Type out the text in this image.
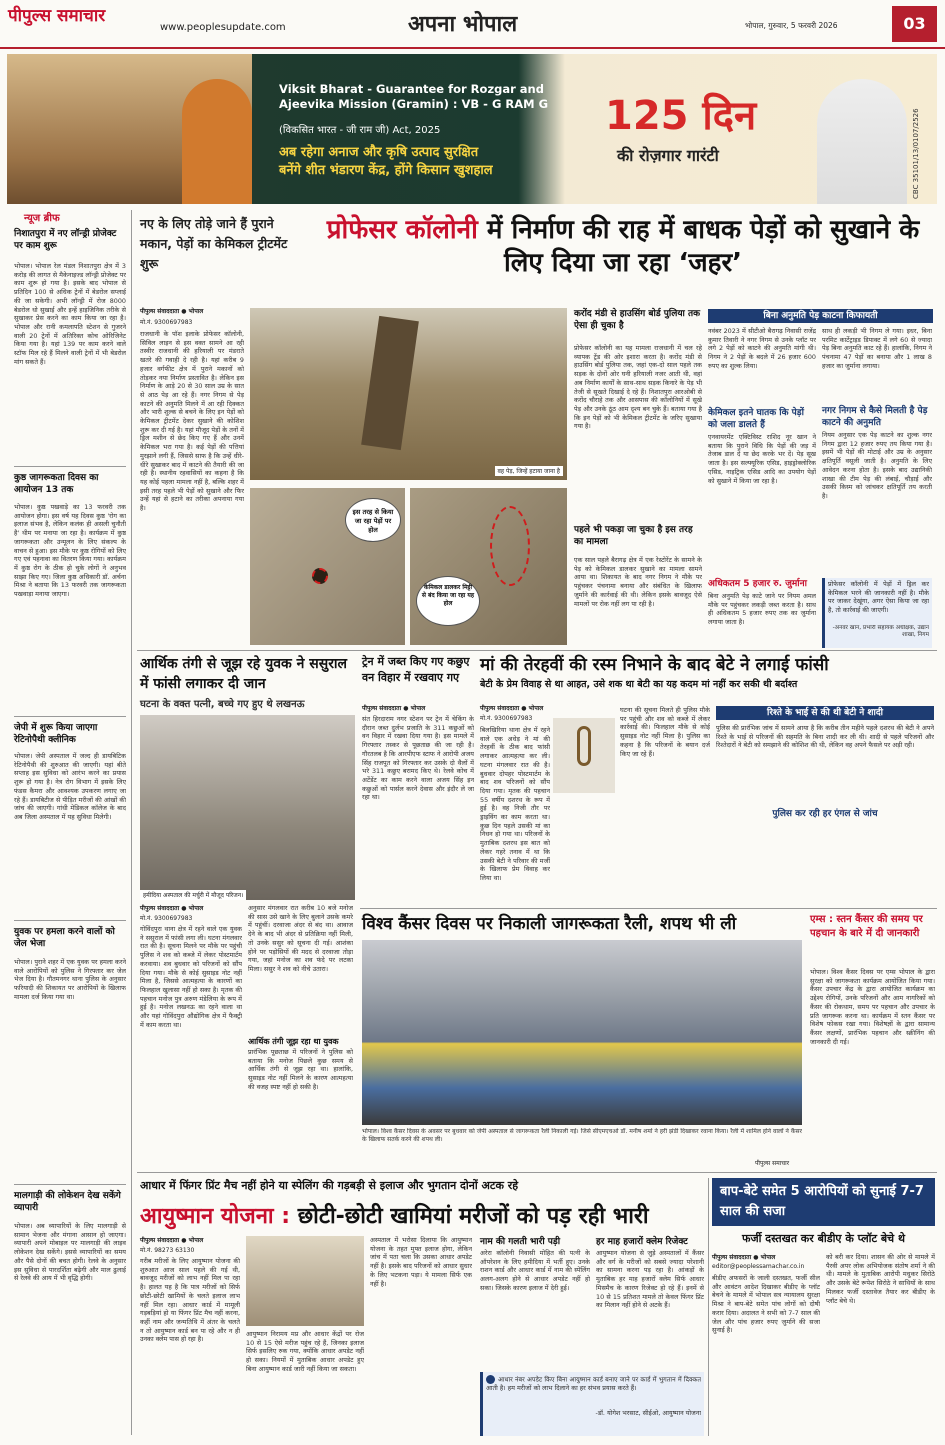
पीपुल्स समाचार
www.peoplesupdate.com	अपना भोपाल	भोपाल, गुरुवार, 5 फरवरी 2026	03
Viksit Bharat - Guarantee for Rozgar and Ajeevika Mission (Gramin) : VB - G RAM G
(विकसित भारत - जी राम जी) Act, 2025
अब रहेगा अनाज और कृषि उत्पाद सुरक्षित
बनेंगे शीत भंडारण केंद्र, होंगे किसान खुशहाल
125 दिन
की रोज़गार गारंटी	CBC 35101/13/0107/2526
न्यूज ब्रीफ
निशातपुरा में नए लॉन्ड्री प्रोजेक्ट पर काम शुरू
भोपाल। भोपाल रेल मंडल निशातपुरा क्षेत्र में 3 करोड़ की लागत से मैकेनाइज्ड लॉन्ड्री प्रोजेक्ट पर काम शुरू हो गया है। इसके बाद भोपाल से प्रतिदिन 100 से अधिक ट्रेनों में बेडरोल सप्लाई की जा सकेगी। अभी लॉन्ड्री में रोज 8000 बेडरोल धो सुखाई और इन्हें हाइजिनिक तरीके से सुखाकर प्रेस करने का काम किया जा रहा है। भोपाल और रानी कमलापति स्टेशन से गुजरने वाली 20 ट्रेनों में अतिरिक्त कोच ओरिजिनेट किया गया है। यहां 139 पर काम करने वाले स्टॉफ मिल रहे हैं मिलने वाली ट्रेनों में भी बेडरोल मांग सकते हैं।
कुष्ठ जागरूकता दिवस का आयोजन 13 तक
भोपाल। कुष्ठ पखवाड़े का 13 फरवरी तक आयोजन होगा। इस वर्ष यह दिवस कुष्ठ 'रोग का इलाज संभव है, लेकिन कलंक ही असली चुनौती है' थीम पर मनाया जा रहा है। कार्यक्रम में कुष्ठ जागरूकता और उन्मूलन के लिए संकल्प के वाचन से हुआ। इस मौके पर कुष्ठ रोगियों को लिए गए एवं पहनावा का वितरण किया गया। कार्यक्रम में कुष्ठ रोग के ठीक हो चुके लोगों ने अनुभव साझा किए गए। जिला कुष्ठ अधिकारी डॉ. अर्चना मिश्रा ने बताया कि 13 फरवरी तक जागरूकता पखवाड़ा मनाया जाएगा।
जेपी में शुरू किया जाएगा रेटिनोपैथी क्लीनिक
भोपाल। जेपी अस्पताल में जल्द ही डायबिटिक रेटिनोपैथी की शुरुआत की जाएगी। यहां बीते सप्ताह इस सुविधा को आरंभ करने का प्रयास शुरू हो गया है। नेत्र रोग विभाग में इसके लिए फंडस कैमरा और आवश्यक उपकरण लगाए जा रहे हैं। डायबिटीज से पीड़ित मरीजों की आंखों की जांच की जाएगी। गांधी मेडिकल कॉलेज के बाद अब जिला अस्पताल में यह सुविधा मिलेगी।
युवक पर हमला करने वालों को जेल भेजा
भोपाल। पुराने शहर में एक युवक पर हमला करने वाले आरोपियों को पुलिस ने गिरफ्तार कर जेल भेज दिया है। गौतमनगर थाना पुलिस के अनुसार फरियादी की शिकायत पर आरोपियों के खिलाफ मामला दर्ज किया गया था।
मालगाड़ी की लोकेशन देख सकेंगे व्यापारी
भोपाल। अब व्यापारियों के लिए मालगाड़ी से सामान भेजना और मंगाना आसान हो जाएगा। व्यापारी अपने मोबाइल पर मालगाड़ी की लाइव लोकेशन देख सकेंगे। इससे व्यापारियों का समय और पैसे दोनों की बचत होगी। रेलवे के अनुसार इस सुविधा से पारदर्शिता बढ़ेगी और माल ढुलाई से रेलवे की आय में भी वृद्धि होगी।
नए के लिए तोड़े जाने हैं पुराने मकान, पेड़ों का केमिकल ट्रीटमेंट शुरू
प्रोफेसर कॉलोनी में निर्माण की राह में बाधक पेड़ों को सुखाने के लिए दिया जा रहा ‘जहर’
पीपुल्स संवाददाता ● भोपाल
मो.नं. 9300697983
राजधानी के पॉश इलाके प्रोफेसर कॉलोनी, सिविल लाइन से इस वक्त सामने आ रही तस्वीर राजधानी की हरियाली पर मंडराते खतरे की गवाही दे रही है। यहां करीब 9 हजार वर्गफीट क्षेत्र में पुराने मकानों को तोड़कर नया निर्माण प्रस्तावित है। लेकिन इस निर्माण के आड़े 20 से 30 साल उम्र के सात से आठ पेड़ आ रहे हैं। नगर निगम से पेड़ काटने की अनुमति मिलने में आ रही दिक्कत और भारी शुल्क से बचने के लिए इन पेड़ों को केमिकल ट्रीटमेंट देकर सुखाने की कोशिश शुरू कर दी गई है। यहां मौजूद पेड़ों के तनों में ड्रिल मशीन से छेद किए गए हैं और उनमें केमिकल भरा गया है। कई पेड़ों की पत्तियां मुरझाने लगी हैं, जिससे साफ है कि उन्हें धीरे-धीरे सुखाकर बाद में काटने की तैयारी की जा रही है। स्थानीय रहवासियों का कहना है कि यह कोई पहला मामला नहीं है, बल्कि शहर में इसी तरह पहले भी पेड़ों को सुखाने और फिर उन्हें यहां से हटाने का तरीका अपनाया गया है।
वह पेड़, जिन्हें हटाया जाना है
इस तरह से किया जा रहा पेड़ों पर होल
केमिकल डालकर मिट्टी से बंद किया जा रहा यह होल
करोंद मंडी से हाउसिंग बोर्ड पुलिया तक ऐसा ही चुका है
प्रोफेसर कॉलोनी का यह मामला राजधानी में चल रहे व्यापक ट्रेंड की ओर इशारा करता है। करोंद मंडी से हाउसिंग बोर्ड पुलिया तक, जहां एक-दो साल पहले तक सड़क के दोनों ओर घनी हरियाली नजर आती थी, वहां अब निर्माण कार्यों के साथ-साथ सड़क किनारे के पेड़ भी तेजी से सूखते दिखाई दे रहे हैं। निशातपुरा आरओबी से करोंद चौराहे तक और आसपास की कॉलोनियों में सूखे पेड़ और उनके ठूंठ आम दृश्य बन चुके हैं। बताया गया है कि इन पेड़ों को भी केमिकल ट्रीटमेंट के जरिए सुखाया गया है।
पहले भी पकड़ा जा चुका है इस तरह का मामला
एक साल पहले बैरागढ़ क्षेत्र में एक रेस्टोरेंट के सामने के पेड़ को केमिकल डालकर सुखाने का मामला सामने आया था। शिकायत के बाद नगर निगम ने मौके पर पहुंचकर पंचनामा बनाया और संबंधित के खिलाफ जुर्माने की कार्रवाई की थी। लेकिन इसके बावजूद ऐसे मामलों पर रोक नहीं लग पा रही है।
बिना अनुमति पेड़ काटना किफायती
नवंबर 2023 में सीटीओ बैरागढ़ निवासी राजेंद्र कुमार तिवारी ने नगर निगम से उनके प्लॉट पर लगे 2 पेड़ों को काटने की अनुमति मांगी थी। निगम ने 2 पेड़ों के बदले में 26 हजार 600 रुपए का शुल्क लिया।
केमिकल इतने घातक कि पेड़ों को जला डालते हैं
एनवायरमेंट एक्टिविस्ट राशिद नूर खान ने बताया कि पुराने विधि कि पेड़ों की जड़ में तेजाब डाल दें या छेद करके भर दें। पेड़ सूख जाता है। इस सल्फ्यूरिक एसिड, हाइड्रोक्लोरिक एसिड, नाइट्रिक एसिड आदि का उपयोग पेड़ों को सुखाने में किया जा रहा है।
साथ ही लकड़ी भी निगम ले गया। इधर, बिना परमिट कार्टेट्राइड डिपाक्ट में लगे 60 से ज्यादा पेड़ बिना अनुमति काट रहे हैं। हालांकि, निगम ने पंचनामा 47 पेड़ों का बनाया और 1 लाख 8 हजार का जुर्माना लगाया।
नगर निगम से कैसे मिलती है पेड़ काटने की अनुमति
नियम अनुसार एक पेड़ काटने का शुल्क नगर निगम द्वारा 12 हजार रुपए तय किया गया है। इसमें भी पेड़ों की मोटाई और उम्र के अनुसार क्षतिपूर्ति वसूली जाती है। अनुमति के लिए आवेदन करना होता है। इसके बाद उद्यानिकी शाखा की टीम पेड़ की लंबाई, चौड़ाई और उसकी किस्म को जांचकर क्षतिपूर्ति तय करती है।
अधिकतम 5 हजार रु. जुर्माना
बिना अनुमति पेड़ काटे जाने पर नियम अमल मौके पर पहुंचकर लकड़ी जब्त करता है। साथ ही अधिकतम 5 हजार रुपए तक का जुर्माना लगाया जाता है।
प्रोफेसर कॉलोनी में पेड़ों में ड्रिल कर केमिकल भरने की जानकारी नहीं है। मौके पर जाकर देखूंगा, अगर ऐसा किया जा रहा है, तो कार्रवाई की जाएगी।
-अनवर खान, प्रभारी सहायक अधीक्षक, उद्यान शाखा, निगम
आर्थिक तंगी से जूझ रहे युवक ने ससुराल में फांसी लगाकर दी जान
घटना के वक्त पत्नी, बच्चे गए हुए थे लखनऊ
हमीदिया अस्पताल की मर्चुरी में मौजूद परिजन।
पीपुल्स संवाददाता ● भोपाल
मो.नं. 9300697983
गोविंदपुरा थाना क्षेत्र में रहने वाले एक युवक ने ससुराल में फांसी लगा ली। घटना मंगलवार रात की है। सूचना मिलने पर मौके पर पहुंची पुलिस ने शव को कब्जे में लेकर पोस्टमार्टम करवाया। शव बुधवार को परिजनों को सौंप दिया गया। मौके से कोई सुसाइड नोट नहीं मिला है, जिससे आत्महत्या के कारणों का फिलहाल खुलासा नहीं हो सका है। मृतक की पहचान मनोज पुत्र अरुण मंडेलिया के रूप में हुई है। मनोज लखनऊ का रहने वाला था और यहां गोविंदपुरा औद्योगिक क्षेत्र में फैक्ट्री में काम करता था।
अनुसार मंगलवार रात करीब 10 बजे मनोज की सास उसे खाने के लिए बुलाने उसके कमरे में पहुंचीं। दरवाजा अंदर से बंद था। आवाज देने के बाद भी अंदर से प्रतिक्रिया नहीं मिली, तो उनके ससुर को सूचना दी गई। आशंका होने पर पड़ोसियों की मदद से दरवाजा तोड़ा गया, जहां मनोज का शव फंदे पर लटका मिला। ससुर ने शव को नीचे उतारा।
आर्थिक तंगी जूझ रहा था युवक
प्रारंभिक पूछताछ में परिजनों ने पुलिस को बताया कि मनोज पिछले कुछ समय से आर्थिक तंगी से जूझ रहा था। हालांकि, सुसाइड नोट नहीं मिलने के कारण आत्महत्या की वजह स्पष्ट नहीं हो सकी है।
ट्रेन में जब्त किए गए कछुए वन विहार में रखवाए गए
पीपुल्स संवाददाता ● भोपाल
संत हिरदाराम नगर स्टेशन पर ट्रेन में चेकिंग के दौरान जब्त दुर्लभ प्रजाति के 311 कछुओं को वन विहार में रखवा दिया गया है। इस मामले में गिरफ्तार तस्कर से पूछताछ की जा रही है। गौरतलब है कि आरपीएफ स्टाफ ने आरोपी अजय सिंह राजपूत को गिरफ्तार कर उसके दो थैलों में भरे 311 कछुए बरामद किए थे। रेलवे कोच में अटेंडेंट का काम करने वाला अजय सिंह इन कछुओं को पार्सल करने देवास और इंदौर ले जा रहा था।
मां की तेरहवीं की रस्म निभाने के बाद बेटे ने लगाई फांसी
बेटी के प्रेम विवाह से था आहत, उसे शक था बेटी का यह कदम मां नहीं कर सकी थी बर्दाश्त
पीपुल्स संवाददाता ● भोपाल
मो.नं. 9300697983
बिलखिरिया थाना क्षेत्र में रहने वाले एक अधेड़ ने मां की तेरहवीं के ठीक बाद फांसी लगाकर आत्महत्या कर ली। घटना मंगलवार रात की है। बुधवार दोपहर पोस्टमार्टम के बाद शव परिजनों को सौंप दिया गया। मृतक की पहचान 55 वर्षीय दशरथ के रूप में हुई है। वह निजी तौर पर ड्राइविंग का काम करता था। कुछ दिन पहले उसकी मां का निधन हो गया था। परिजनों के मुताबिक दशरथ इस बात को लेकर गहरे तनाव में था कि उसकी बेटी ने परिवार की मर्जी के खिलाफ प्रेम विवाह कर लिया था।
घटना की सूचना मिलते ही पुलिस मौके पर पहुंची और शव को कब्जे में लेकर कार्रवाई की। फिलहाल मौके से कोई सुसाइड नोट नहीं मिला है। पुलिस का कहना है कि परिजनों के बयान दर्ज किए जा रहे हैं।
रिश्ते के भाई से की थी बेटी ने शादी
पुलिस की प्रारंभिक जांच में सामने आया है कि करीब तीन महीने पहले दशरथ की बेटी ने अपने रिश्ते के भाई से परिजनों की सहमति के बिना शादी कर ली थी। शादी से पहले परिजनों और रिश्तेदारों ने बेटी को समझाने की कोशिश की थी, लेकिन वह अपने फैसले पर अड़ी रही।
पुलिस कर रही हर एंगल से जांच
विश्व कैंसर दिवस पर निकाली जागरूकता रैली, शपथ भी ली
भोपाल। विश्व कैंसर दिवस के अवसर पर बुधवार को जेपी अस्पताल से जागरूकता रैली निकाली गई। जिसे सीएमएचओ डॉ. मनीष शर्मा ने हरी झंडी दिखाकर रवाना किया। रैली में शामिल होने वालों ने कैंसर के खिलाफ सतर्क करने की शपथ ली।
पीपुल्स समाचार
एम्स : स्तन कैंसर की समय पर पहचान के बारे में दी जानकारी
भोपाल। विश्व कैंसर दिवस पर एम्स भोपाल के द्वारा सुरक्षा को जागरूकता कार्यक्रम आयोजित किया गया। कैंसर उपचार केंद्र के द्वारा आयोजित कार्यक्रम का उद्देश्य रोगियों, उनके परिजनों और आम नागरिकों को कैंसर की रोकथाम, समय पर पहचान और उपचार के प्रति जागरूक करना था। कार्यक्रम में स्तन कैंसर पर विशेष फोकस रखा गया। विशेषज्ञों के द्वारा सामान्य कैंसर लक्षणों, प्रारंभिक पहचान और स्क्रीनिंग की जानकारी दी गई।
आधार में फिंगर प्रिंट मैच नहीं होने या स्पेलिंग की गड़बड़ी से इलाज और भुगतान दोनों अटक रहे
आयुष्मान योजना : छोटी-छोटी खामियां मरीजों को पड़ रही भारी
पीपुल्स संवाददाता ● भोपाल
मो.नं. 98273 63130
गरीब मरीजों के लिए आयुष्मान योजना की शुरुआत आज साल पहले की गई थी, बावजूद मरीजों को लाभ नहीं मिल पा रहा है। हालत यह है कि पात्र मरीजों को सिर्फ छोटी-छोटी खामियों के चलते इलाज लाभ नहीं मिल रहा। आधार कार्ड में मामूली गड़बड़ियां हो या फिंगर प्रिंट मैच नहीं करना, कहीं नाम और जन्मतिथि में अंतर के चलते न तो आयुष्मान कार्ड बन पा रहे और न ही उनका क्लेम पास हो रहा है।
आयुष्मान निरामय मप्र और आधार केंद्रों पर रोज 10 से 15 ऐसे मरीज पहुंच रहे हैं, जिनका इलाज सिर्फ इसलिए रुक गया, क्योंकि आधार अपडेट नहीं हो सका। नियमों में मुताबिक आधार अपडेट हुए बिना आयुष्मान कार्ड जारी नहीं किया जा सकता।
अस्पताल में भरोसा दिलाया कि आयुष्मान योजना के तहत मुफ्त इलाज होगा, लेकिन जांच में पता चला कि उसका आधार अपडेट नहीं है। इसके बाद परिजनों को आधार सुधार के लिए भटकना पड़ा। ये मामला सिर्फ एक नहीं है।
नाम की गलती भारी पड़ी
अरेरा कॉलोनी निवासी मोहित की पत्नी के ऑपरेशन के लिए हमीदिया में भर्ती हुए। उनके राशन कार्ड और आधार कार्ड में नाम की स्पेलिंग अलग-अलग होने से आधार अपडेट नहीं हो सका। जिसके कारण इलाज में देरी हुई।
हर माह हजारों क्लेम रिजेक्ट
आयुष्मान योजना से जुड़े अस्पतालों में कैंसर और वर्ग के मरीजों को सबसे ज्यादा परेशानी का सामना करना पड़ रहा है। आंकड़ों के मुताबिक हर माह हजारों क्लेम सिर्फ आधार मिसमैच के कारण रिजेक्ट हो रहे हैं। इनमें से 10 से 15 प्रतिशत मामले तो केवल फिंगर प्रिंट का मिलान नहीं होने से अटके हैं।
आधार नंबर अपडेट किए बिना आयुष्मान कार्ड बनाए जाने पर कार्ड में भुगतान में दिक्कत आती है। हम मरीजों को लाभ दिलाने का हर संभव प्रयास करते हैं।
-डॉ. योगेश भरसाट, सीईओ, आयुष्मान योजना
बाप-बेटे समेत 5 आरोपियों को सुनाई 7-7 साल की सजा
फर्जी दस्तखत कर बीडीए के प्लॉट बेचे थे
पीपुल्स संवाददाता ● भोपाल
editor@peoplessamachar.co.in
बीडीए अफसरों के जाली दस्तखत, फर्जी सील और आवंटन आदेश दिखाकर बीडीए के प्लॉट बेचने के मामले में भोपाल सत्र न्यायालय सुरक्षा मिश्रा ने बाप-बेटे समेत पांच लोगों को दोषी करार दिया। अदालत ने सभी को 7-7 साल की जेल और पांच हजार रुपए जुर्माने की सजा सुनाई है।
को बरी कर दिया। शासन की ओर से मामले में पैरवी अपर लोक अभियोजक संतोष शर्मा ने की थी। मामले के मुताबिक आरोपी मधुकर सिरोठे और उसके बेटे रूपेश सिरोठे ने साथियों के साथ मिलकर फर्जी दस्तावेज तैयार कर बीडीए के प्लॉट बेचे थे।
